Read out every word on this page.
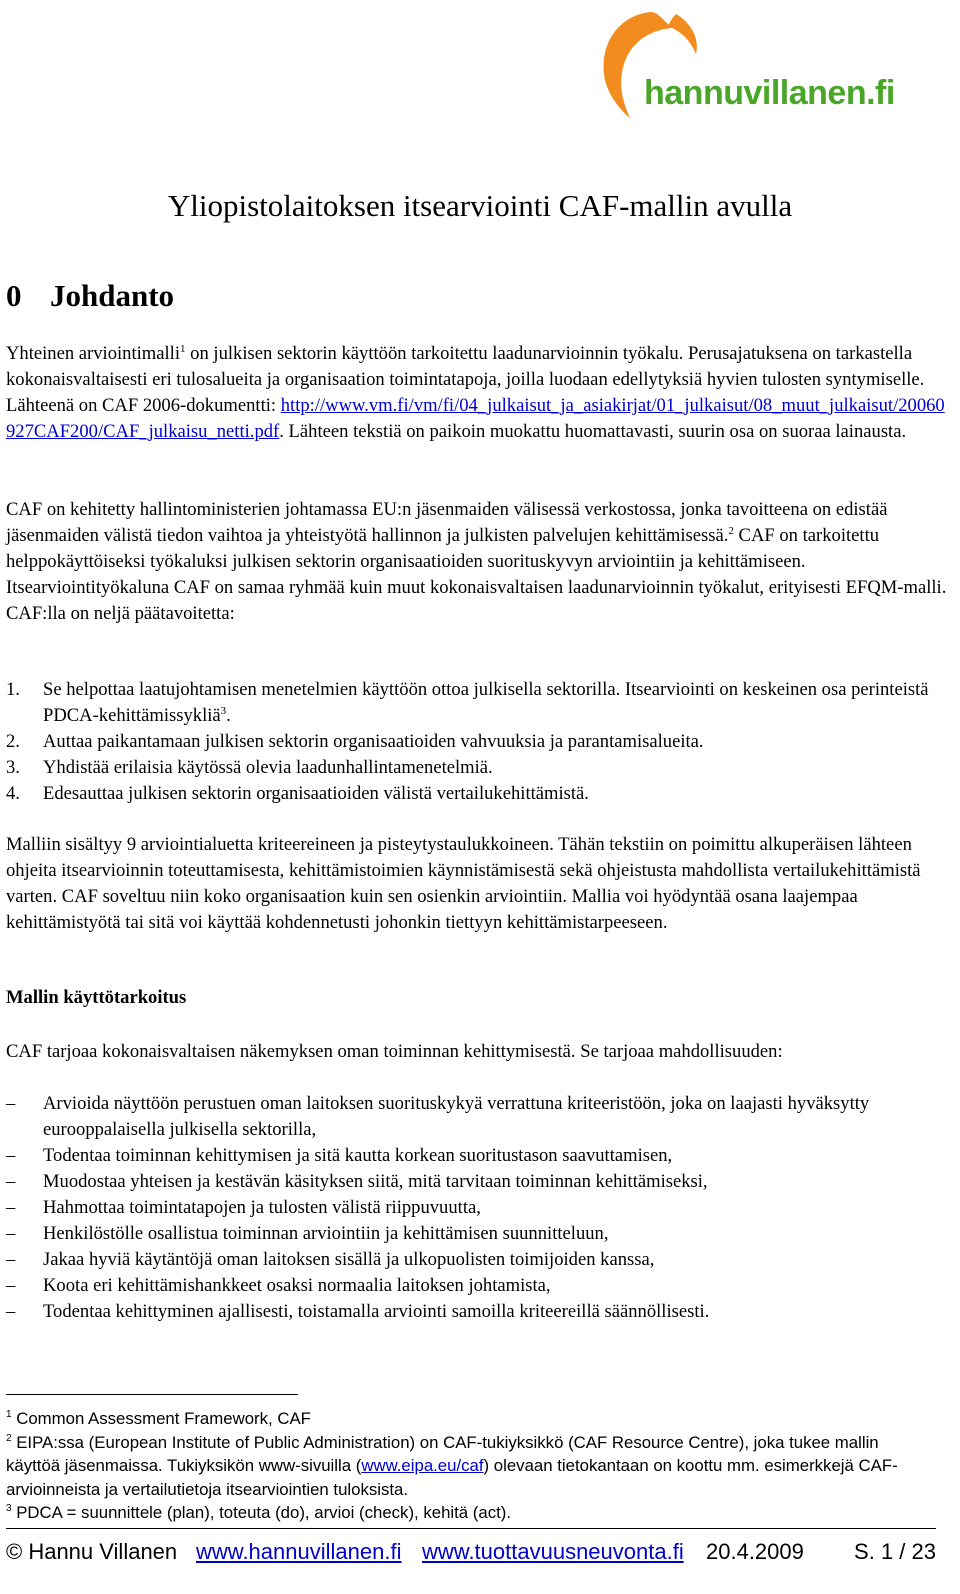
hannuvillanen.fi
Yliopistolaitoksen itsearviointi CAF-mallin avulla
0 Johdanto

Yhteinen arviointimalli$^1$ on julkisen sektorin käyttöön tarkoitettu laadunarvioinnin työkalu. Perusajatuksena on tarkastella kokonaisvaltaisesti eri tulosalueita ja organisaation toimintatapoja, joilla luodaan edellytyksiä hyvien tulosten syntymiselle. Lähteenä on CAF 2006-dokumentti: http://www.vm.fi/vm/fi/04_julkaisut_ja_asiakirjat/01_julkaisut/08_muut_julkaisut/20060927CAF200/CAF_julkaisu_netti.pdf. Lähteen tekstiä on paikoin muokattu huomattavasti, suurin osa on suoraa lainausta.

CAF on kehitetty hallintoministerien johtamassa EU:n jäsenmaiden välisessä verkostossa, jonka tavoitteena on edistää jäsenmaiden välistä tiedon vaihtoa ja yhteistyötä hallinnon ja julkisten palvelujen kehittämisessä.$^2$ CAF on tarkoitettu helppokäyttöiseksi työkaluksi julkisen sektorin organisaatioiden suorituskyvyn arviointiin ja kehittämiseen. Itsearviointityökaluna CAF on samaa ryhmää kuin muut kokonaisvaltaisen laadunarvioinnin työkalut, erityisesti EFQM-malli. CAF:lla on neljä päätavoitetta:

1. Se helpottaa laatujohtamisen menetelmien käyttöön ottoa julkisella sektorilla. Itsearviointi on keskeinen osa perinteistä PDCA-kehittämissykliä$^3$.
2. Auttaa paikantamaan julkisen sektorin organisaatioiden vahvuuksia ja parantamisalueita.
3. Yhdistää erilaisia käytössä olevia laadunhallintamenetelmiä.
4. Edesauttaa julkisen sektorin organisaatioiden välistä vertailukehittämistä.

Malliin sisältyy 9 arviointialuetta kriteereineen ja pisteytystaulukkoineen. Tähän tekstiin on poimittu alkuperäisen lähteen ohjeita itsearvioinnin toteuttamisesta, kehittämistoimien käynnistämisestä sekä ohjeistusta mahdollista vertailukehittämistä varten. CAF soveltuu niin koko organisaation kuin sen osienkin arviointiin. Mallia voi hyödyntää osana laajempaa kehittämistyötä tai sitä voi käyttää kohdennetusti johonkin tiettyyn kehittämistarpeeseen.

Mallin käyttötarkoitus

CAF tarjoaa kokonaisvaltaisen näkemyksen oman toiminnan kehittymisestä. Se tarjoaa mahdollisuuden:

– Arvioida näyttöön perustuen oman laitoksen suorituskykyä verrattuna kriteeristöön, joka on laajasti hyväksytty eurooppalaisella julkisella sektorilla,
– Todentaa toiminnan kehittymisen ja sitä kautta korkean suoritustason saavuttamisen,
– Muodostaa yhteisen ja kestävän käsityksen siitä, mitä tarvitaan toiminnan kehittämiseksi,
– Hahmottaa toimintatapojen ja tulosten välistä riippuvuutta,
– Henkilöstölle osallistua toiminnan arviointiin ja kehittämisen suunnitteluun,
– Jakaa hyviä käytäntöjä oman laitoksen sisällä ja ulkopuolisten toimijoiden kanssa,
– Koota eri kehittämishankkeet osaksi normaalia laitoksen johtamista,
– Todentaa kehittyminen ajallisesti, toistamalla arviointi samoilla kriteereillä säännöllisesti.

$^1$ Common Assessment Framework, CAF

$^2$ EIPA:ssa (European Institute of Public Administration) on CAF-tukiyksikkö (CAF Resource Centre), joka tukee mallin käyttöä jäsenmaissa. Tukiyksikön www-sivuilla (www.eipa.eu/caf) olevaan tietokantaan on koottu mm. esimerkkejä CAF-arvioinneista ja vertailutietoja itsearviointien tuloksista.

$^3$ PDCA = suunnittele (plan), toteuta (do), arvioi (check), kehitä (act).

© Hannu Villanen www.hannuvillanen.fi www.tuottavuusneuvonta.fi 20.4.2009 S. 1 / 23
